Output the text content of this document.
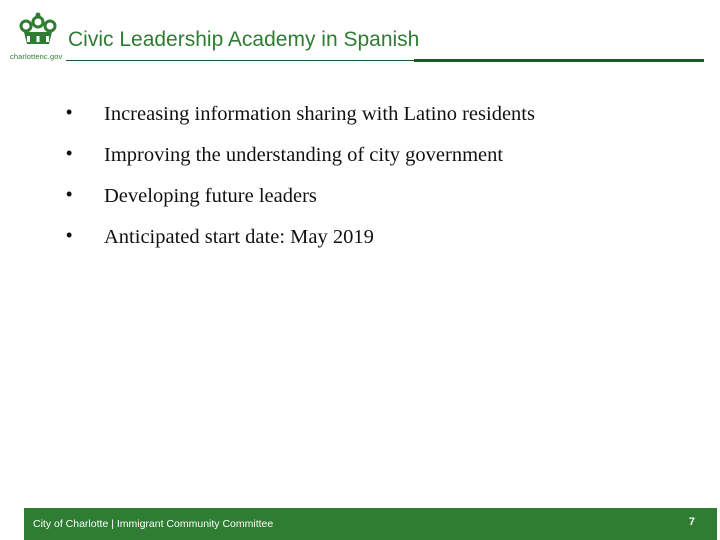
charlottenc.gov
Civic Leadership Academy in Spanish
• Increasing information sharing with Latino residents
• Improving the understanding of city government
• Developing future leaders
• Anticipated start date: May 2019
City of Charlotte | Immigrant Community Committee	7
